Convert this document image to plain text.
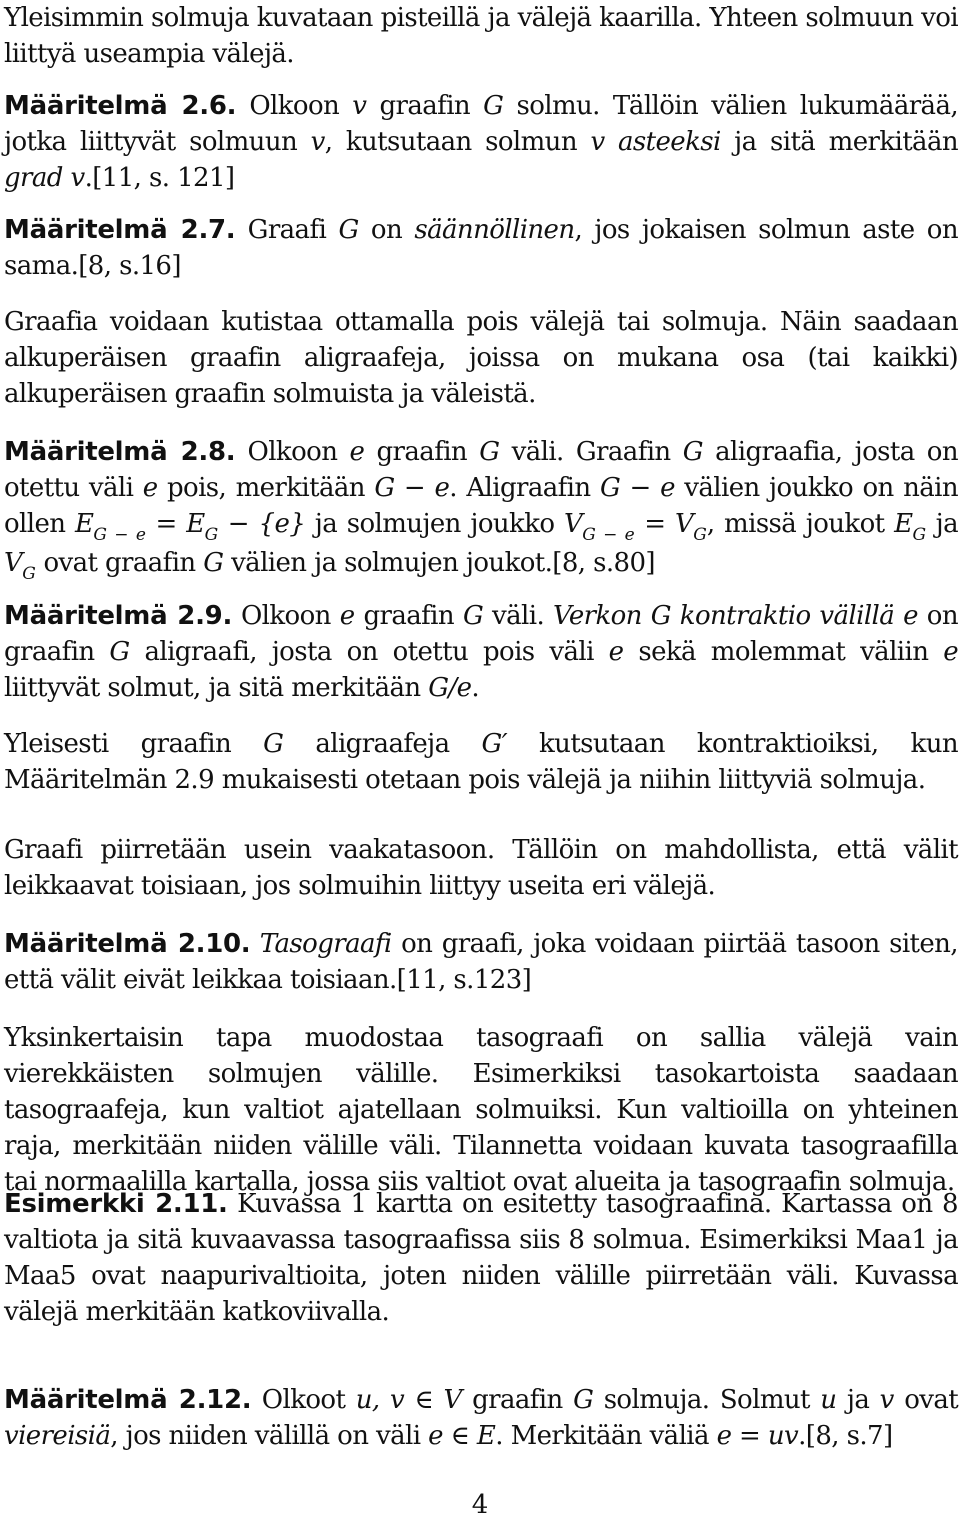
Yleisimmin solmuja kuvataan pisteillä ja välejä kaarilla. Yhteen solmuun voi liittyä useampia välejä.
Määritelmä 2.6. Olkoon v graafin G solmu. Tällöin välien lukumäärää, jotka liittyvät solmuun v, kutsutaan solmun v asteeksi ja sitä merkitään grad v.[11, s. 121]
Määritelmä 2.7. Graafi G on säännöllinen, jos jokaisen solmun aste on sama.[8, s.16]
Graafia voidaan kutistaa ottamalla pois välejä tai solmuja. Näin saadaan alkuperäisen graafin aligraafeja, joissa on mukana osa (tai kaikki) alkuperäisen graafin solmuista ja väleistä.
Määritelmä 2.8. Olkoon e graafin G väli. Graafin G aligraafia, josta on otettu väli e pois, merkitään G − e. Aligraafin G − e välien joukko on näin ollen $E_{G - e} = E_G - \{e\}$ ja solmujen joukko $V_{G - e} = V_G$, missä joukot $E_G$ ja $V_G$ ovat graafin G välien ja solmujen joukot.[8, s.80]
Määritelmä 2.9. Olkoon e graafin G väli. Verkon G kontraktio välillä e on graafin G aligraafi, josta on otettu pois väli e sekä molemmat väliin e liittyvät solmut, ja sitä merkitään G/e.
Yleisesti graafin G aligraafeja G′ kutsutaan kontraktioiksi, kun Määritelmän 2.9 mukaisesti otetaan pois välejä ja niihin liittyviä solmuja.
Graafi piirretään usein vaakatasoon. Tällöin on mahdollista, että välit leikkaavat toisiaan, jos solmuihin liittyy useita eri välejä.
Määritelmä 2.10. Tasograafi on graafi, joka voidaan piirtää tasoon siten, että välit eivät leikkaa toisiaan.[11, s.123]
Yksinkertaisin tapa muodostaa tasograafi on sallia välejä vain vierekkäisten solmujen välille. Esimerkiksi tasokartoista saadaan tasograafeja, kun valtiot ajatellaan solmuiksi. Kun valtioilla on yhteinen raja, merkitään niiden välille väli. Tilannetta voidaan kuvata tasograafilla tai normaalilla kartalla, jossa siis valtiot ovat alueita ja tasograafin solmuja.
Esimerkki 2.11. Kuvassa 1 kartta on esitetty tasograafina. Kartassa on 8 valtiota ja sitä kuvaavassa tasograafissa siis 8 solmua. Esimerkiksi Maa1 ja Maa5 ovat naapurivaltioita, joten niiden välille piirretään väli. Kuvassa välejä merkitään katkoviivalla.
Määritelmä 2.12. Olkoot u, v ∈ V graafin G solmuja. Solmut u ja v ovat viereisiä, jos niiden välillä on väli e ∈ E. Merkitään väliä e = uv.[8, s.7]
4
